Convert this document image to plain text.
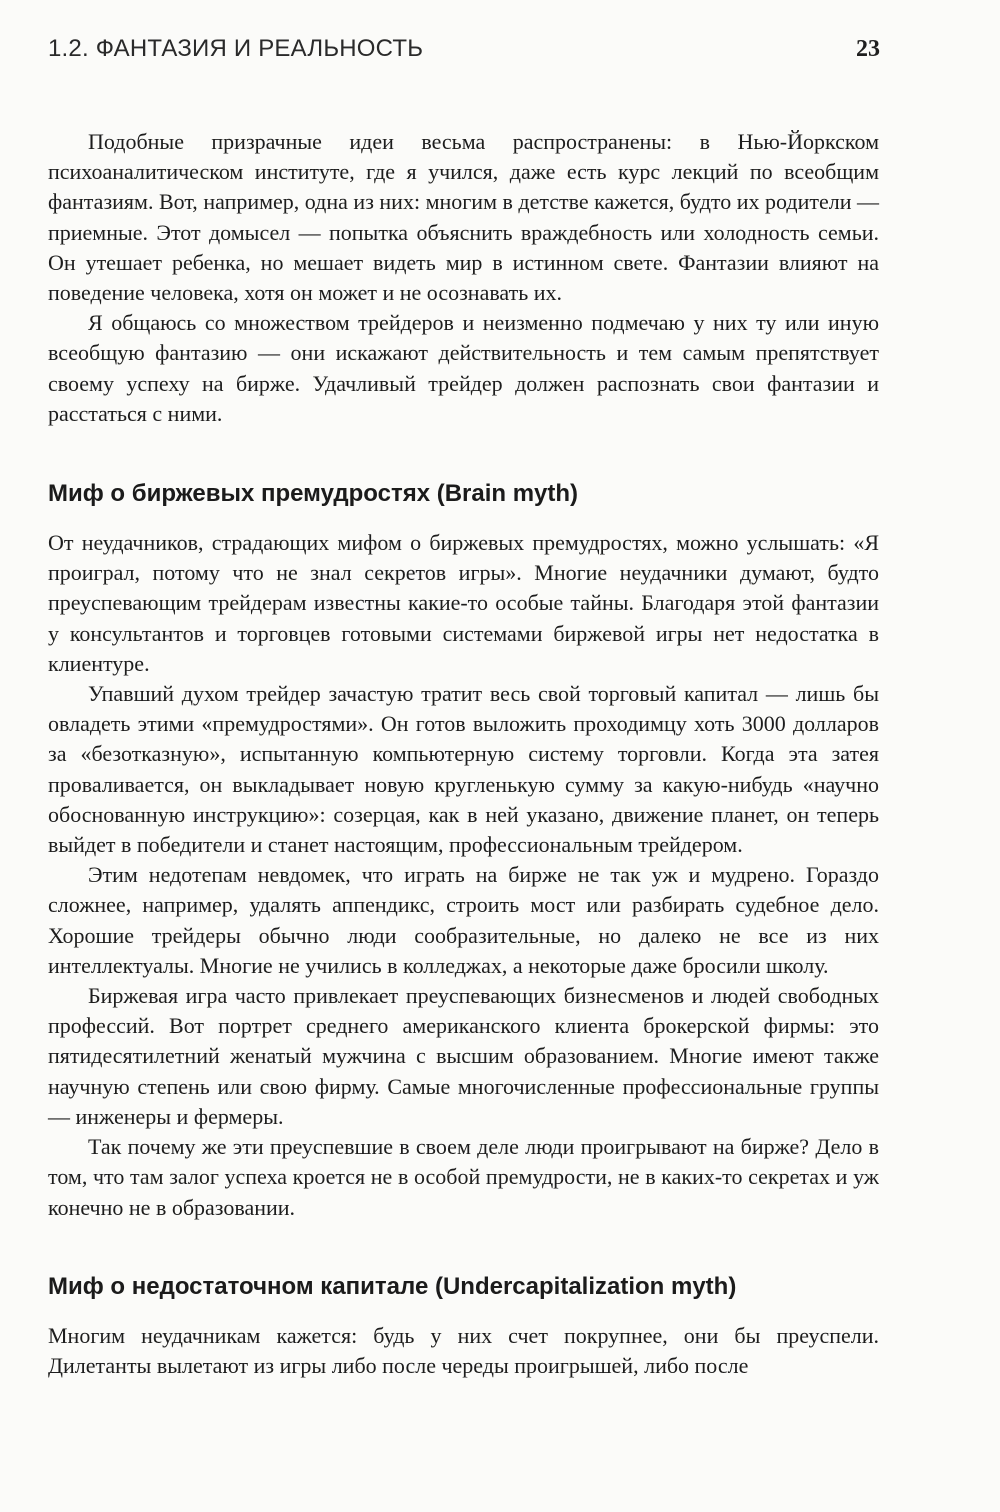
1.2. ФАНТАЗИЯ И РЕАЛЬНОСТЬ	23

Подобные призрачные идеи весьма распространены: в Нью-Йоркском психоаналитическом институте, где я учился, даже есть курс лекций по всеобщим фантазиям. Вот, например, одна из них: многим в детстве кажется, будто их родители — приемные. Этот домысел — попытка объяснить враждебность или холодность семьи. Он утешает ребенка, но мешает видеть мир в истинном свете. Фантазии влияют на поведение человека, хотя он может и не осознавать их.

Я общаюсь со множеством трейдеров и неизменно подмечаю у них ту или иную всеобщую фантазию — они искажают действительность и тем самым препятствует своему успеху на бирже. Удачливый трейдер должен распознать свои фантазии и расстаться с ними.

Миф о биржевых премудростях (Brain myth)

От неудачников, страдающих мифом о биржевых премудростях, можно услышать: «Я проиграл, потому что не знал секретов игры». Многие неудачники думают, будто преуспевающим трейдерам известны какие-то особые тайны. Благодаря этой фантазии у консультантов и торговцев готовыми системами биржевой игры нет недостатка в клиентуре.

Упавший духом трейдер зачастую тратит весь свой торговый капитал — лишь бы овладеть этими «премудростями». Он готов выложить проходимцу хоть 3000 долларов за «безотказную», испытанную компьютерную систему торговли. Когда эта затея проваливается, он выкладывает новую кругленькую сумму за какую-нибудь «научно обоснованную инструкцию»: созерцая, как в ней указано, движение планет, он теперь выйдет в победители и станет настоящим, профессиональным трейдером.

Этим недотепам невдомек, что играть на бирже не так уж и мудрено. Гораздо сложнее, например, удалять аппендикс, строить мост или разбирать судебное дело. Хорошие трейдеры обычно люди сообразительные, но далеко не все из них интеллектуалы. Многие не учились в колледжах, а некоторые даже бросили школу.

Биржевая игра часто привлекает преуспевающих бизнесменов и людей свободных профессий. Вот портрет среднего американского клиента брокерской фирмы: это пятидесятилетний женатый мужчина с высшим образованием. Многие имеют также научную степень или свою фирму. Самые многочисленные профессиональные группы — инженеры и фермеры.

Так почему же эти преуспевшие в своем деле люди проигрывают на бирже? Дело в том, что там залог успеха кроется не в особой премудрости, не в каких-то секретах и уж конечно не в образовании.

Миф о недостаточном капитале (Undercapitalization myth)

Многим неудачникам кажется: будь у них счет покрупнее, они бы преуспели. Дилетанты вылетают из игры либо после череды проигрышей, либо после
